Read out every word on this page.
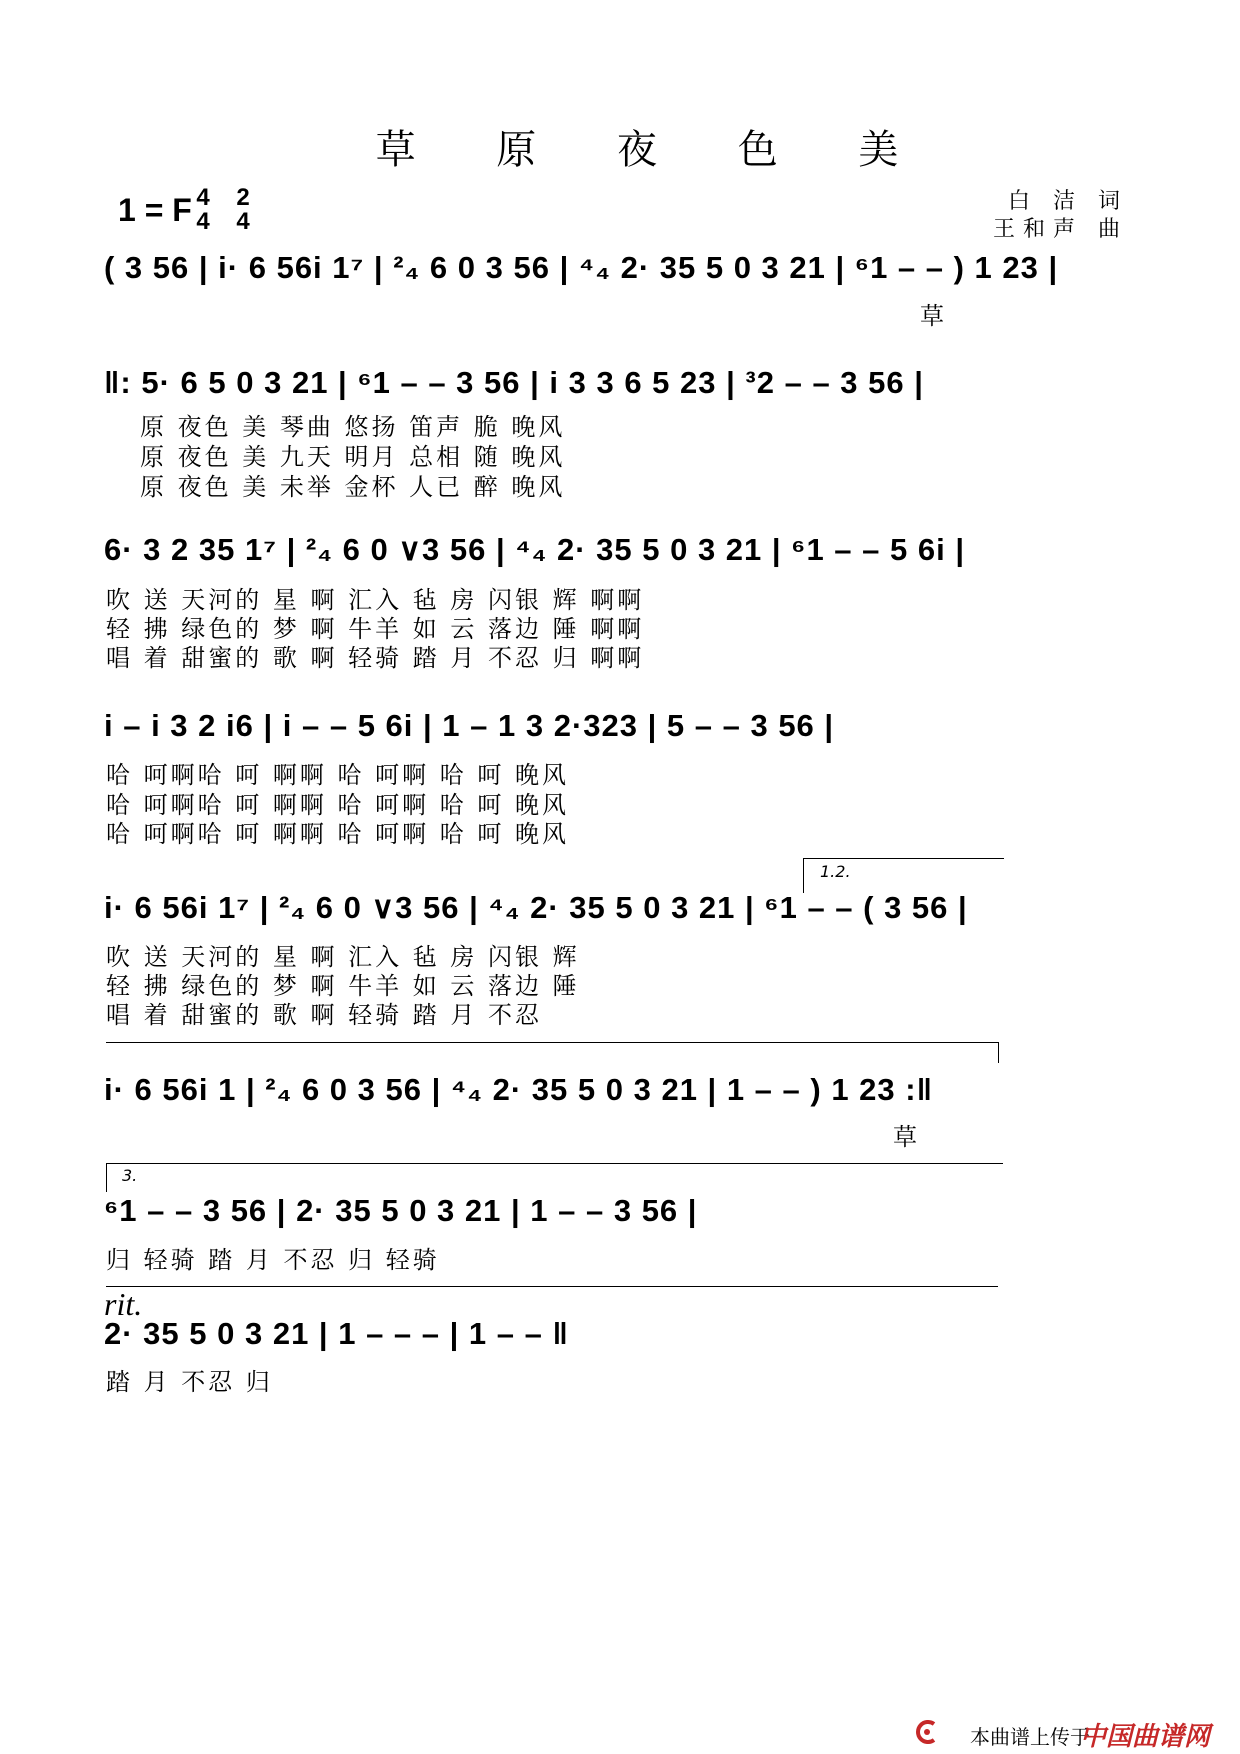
草 原 夜 色 美
1 = F 4
4
2
4
白 洁 词
王和声 曲
( 3 56 | i· 6 56i 1⁷ | ²₄ 6 0 3 56 | ⁴₄ 2· 35 5 0 3 21 | ⁶1 – – ) 1 23 |
草
‖: 5· 6 5 0 3 21 | ⁶1 – – 3 56 | i 3 3 6 5 23 | ³2 – – 3 56 |
原 夜色 美 琴曲 悠扬 笛声 脆 晚风
原 夜色 美 九天 明月 总相 随 晚风
原 夜色 美 未举 金杯 人已 醉 晚风
6· 3 2 35 1⁷ | ²₄ 6 0 ∨3 56 | ⁴₄ 2· 35 5 0 3 21 | ⁶1 – – 5 6i |
吹 送 天河的 星 啊 汇入 毡 房 闪银 辉 啊啊
轻 拂 绿色的 梦 啊 牛羊 如 云 落边 陲 啊啊
唱 着 甜蜜的 歌 啊 轻骑 踏 月 不忍 归 啊啊
i – i 3 2 i6 | i – – 5 6i | 1 – 1 3 2·323 | 5 – – 3 56 |
哈 呵啊哈 呵 啊啊 哈 呵啊 哈 呵 晚风
哈 呵啊哈 呵 啊啊 哈 呵啊 哈 呵 晚风
哈 呵啊哈 呵 啊啊 哈 呵啊 哈 呵 晚风
1.2.
i· 6 56i 1⁷ | ²₄ 6 0 ∨3 56 | ⁴₄ 2· 35 5 0 3 21 | ⁶1 – – ( 3 56 |
吹 送 天河的 星 啊 汇入 毡 房 闪银 辉
轻 拂 绿色的 梦 啊 牛羊 如 云 落边 陲
唱 着 甜蜜的 歌 啊 轻骑 踏 月 不忍
i· 6 56i 1 | ²₄ 6 0 3 56 | ⁴₄ 2· 35 5 0 3 21 | 1 – – ) 1 23 :‖
草
3.
⁶1 – – 3 56 | 2· 35 5 0 3 21 | 1 – – 3 56 |
归 轻骑 踏 月 不忍 归 轻骑
rit.
2· 35 5 0 3 21 | 1 – – – | 1 – – ‖
踏 月 不忍 归
本曲谱上传于
中国曲谱网
